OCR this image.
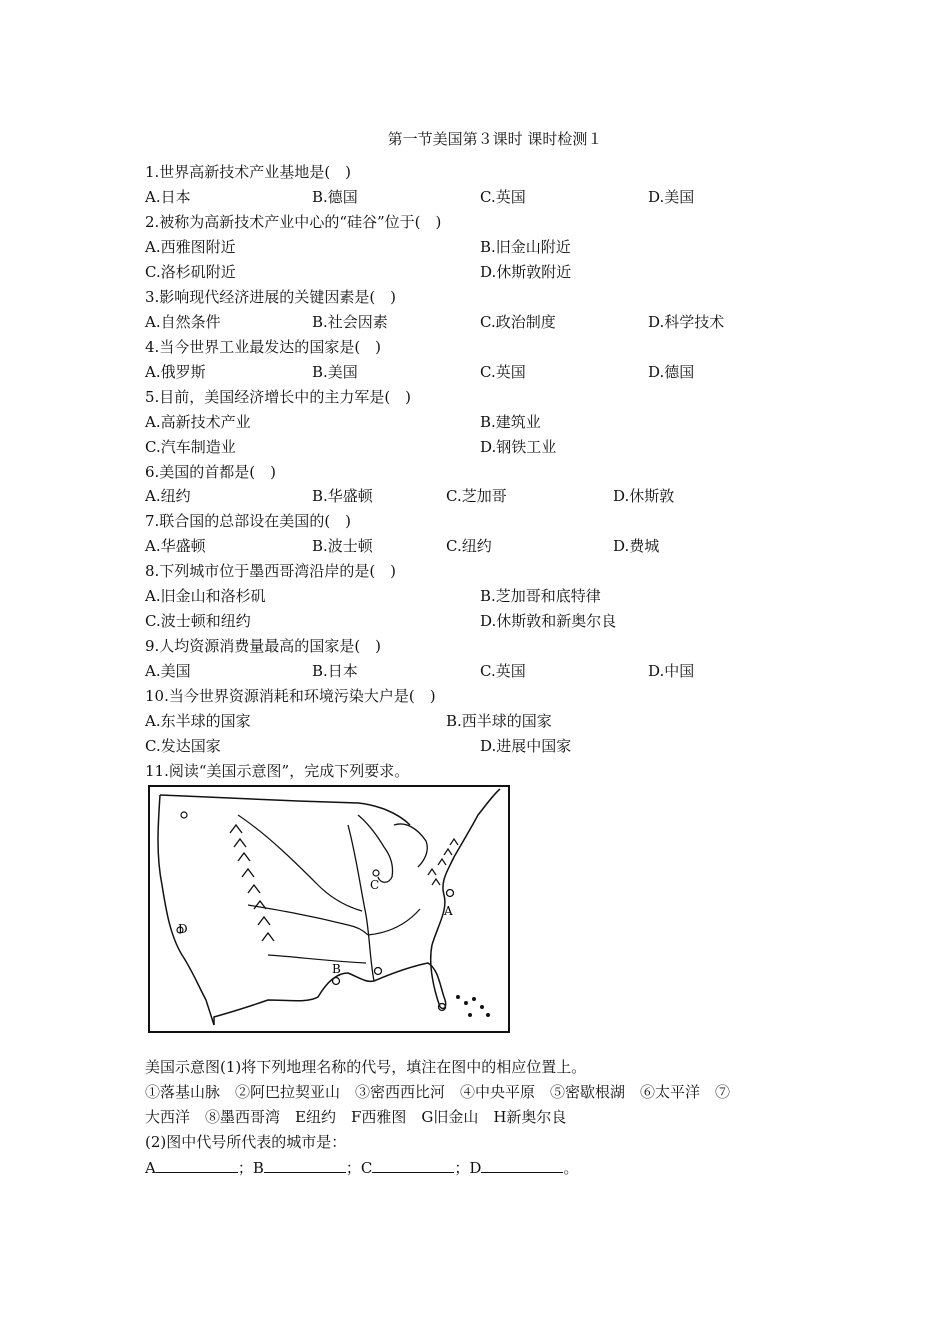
第一节美国第３课时 课时检测１
1.世界高新技术产业基地是(　)
A.日本	B.德国	C.英国	D.美国
2.被称为高新技术产业中心的“硅谷”位于(　)
A.西雅图附近	B.旧金山附近
C.洛杉矶附近	D.休斯敦附近
3.影响现代经济进展的关键因素是(　)
A.自然条件	B.社会因素	C.政治制度	D.科学技术
4.当今世界工业最发达的国家是(　)
A.俄罗斯	B.美国	C.英国	D.德国
5.目前，美国经济增长中的主力军是(　)
A.高新技术产业	B.建筑业
C.汽车制造业	D.钢铁工业
6.美国的首都是(　)
A.纽约	B.华盛顿	C.芝加哥	D.休斯敦
7.联合国的总部设在美国的(　)
A.华盛顿	B.波士顿	C.纽约	D.费城
8.下列城市位于墨西哥湾沿岸的是(　)
A.旧金山和洛杉矶	B.芝加哥和底特律
C.波士顿和纽约	D.休斯敦和新奥尔良
9.人均资源消费量最高的国家是(　)
A.美国	B.日本	C.英国	D.中国
10.当今世界资源消耗和环境污染大户是(　)
A.东半球的国家	B.西半球的国家
C.发达国家	D.进展中国家
11.阅读“美国示意图”，完成下列要求。
A
B
C
D
美国示意图(1)将下列地理名称的代号，填注在图中的相应位置上。
①落基山脉　②阿巴拉契亚山　③密西西比河　④中央平原　⑤密歇根湖　⑥太平洋　⑦
大西洋　⑧墨西哥湾　E纽约　F西雅图　G旧金山　H新奥尔良
(2)图中代号所代表的城市是：
A	；B	；C	；D	。
